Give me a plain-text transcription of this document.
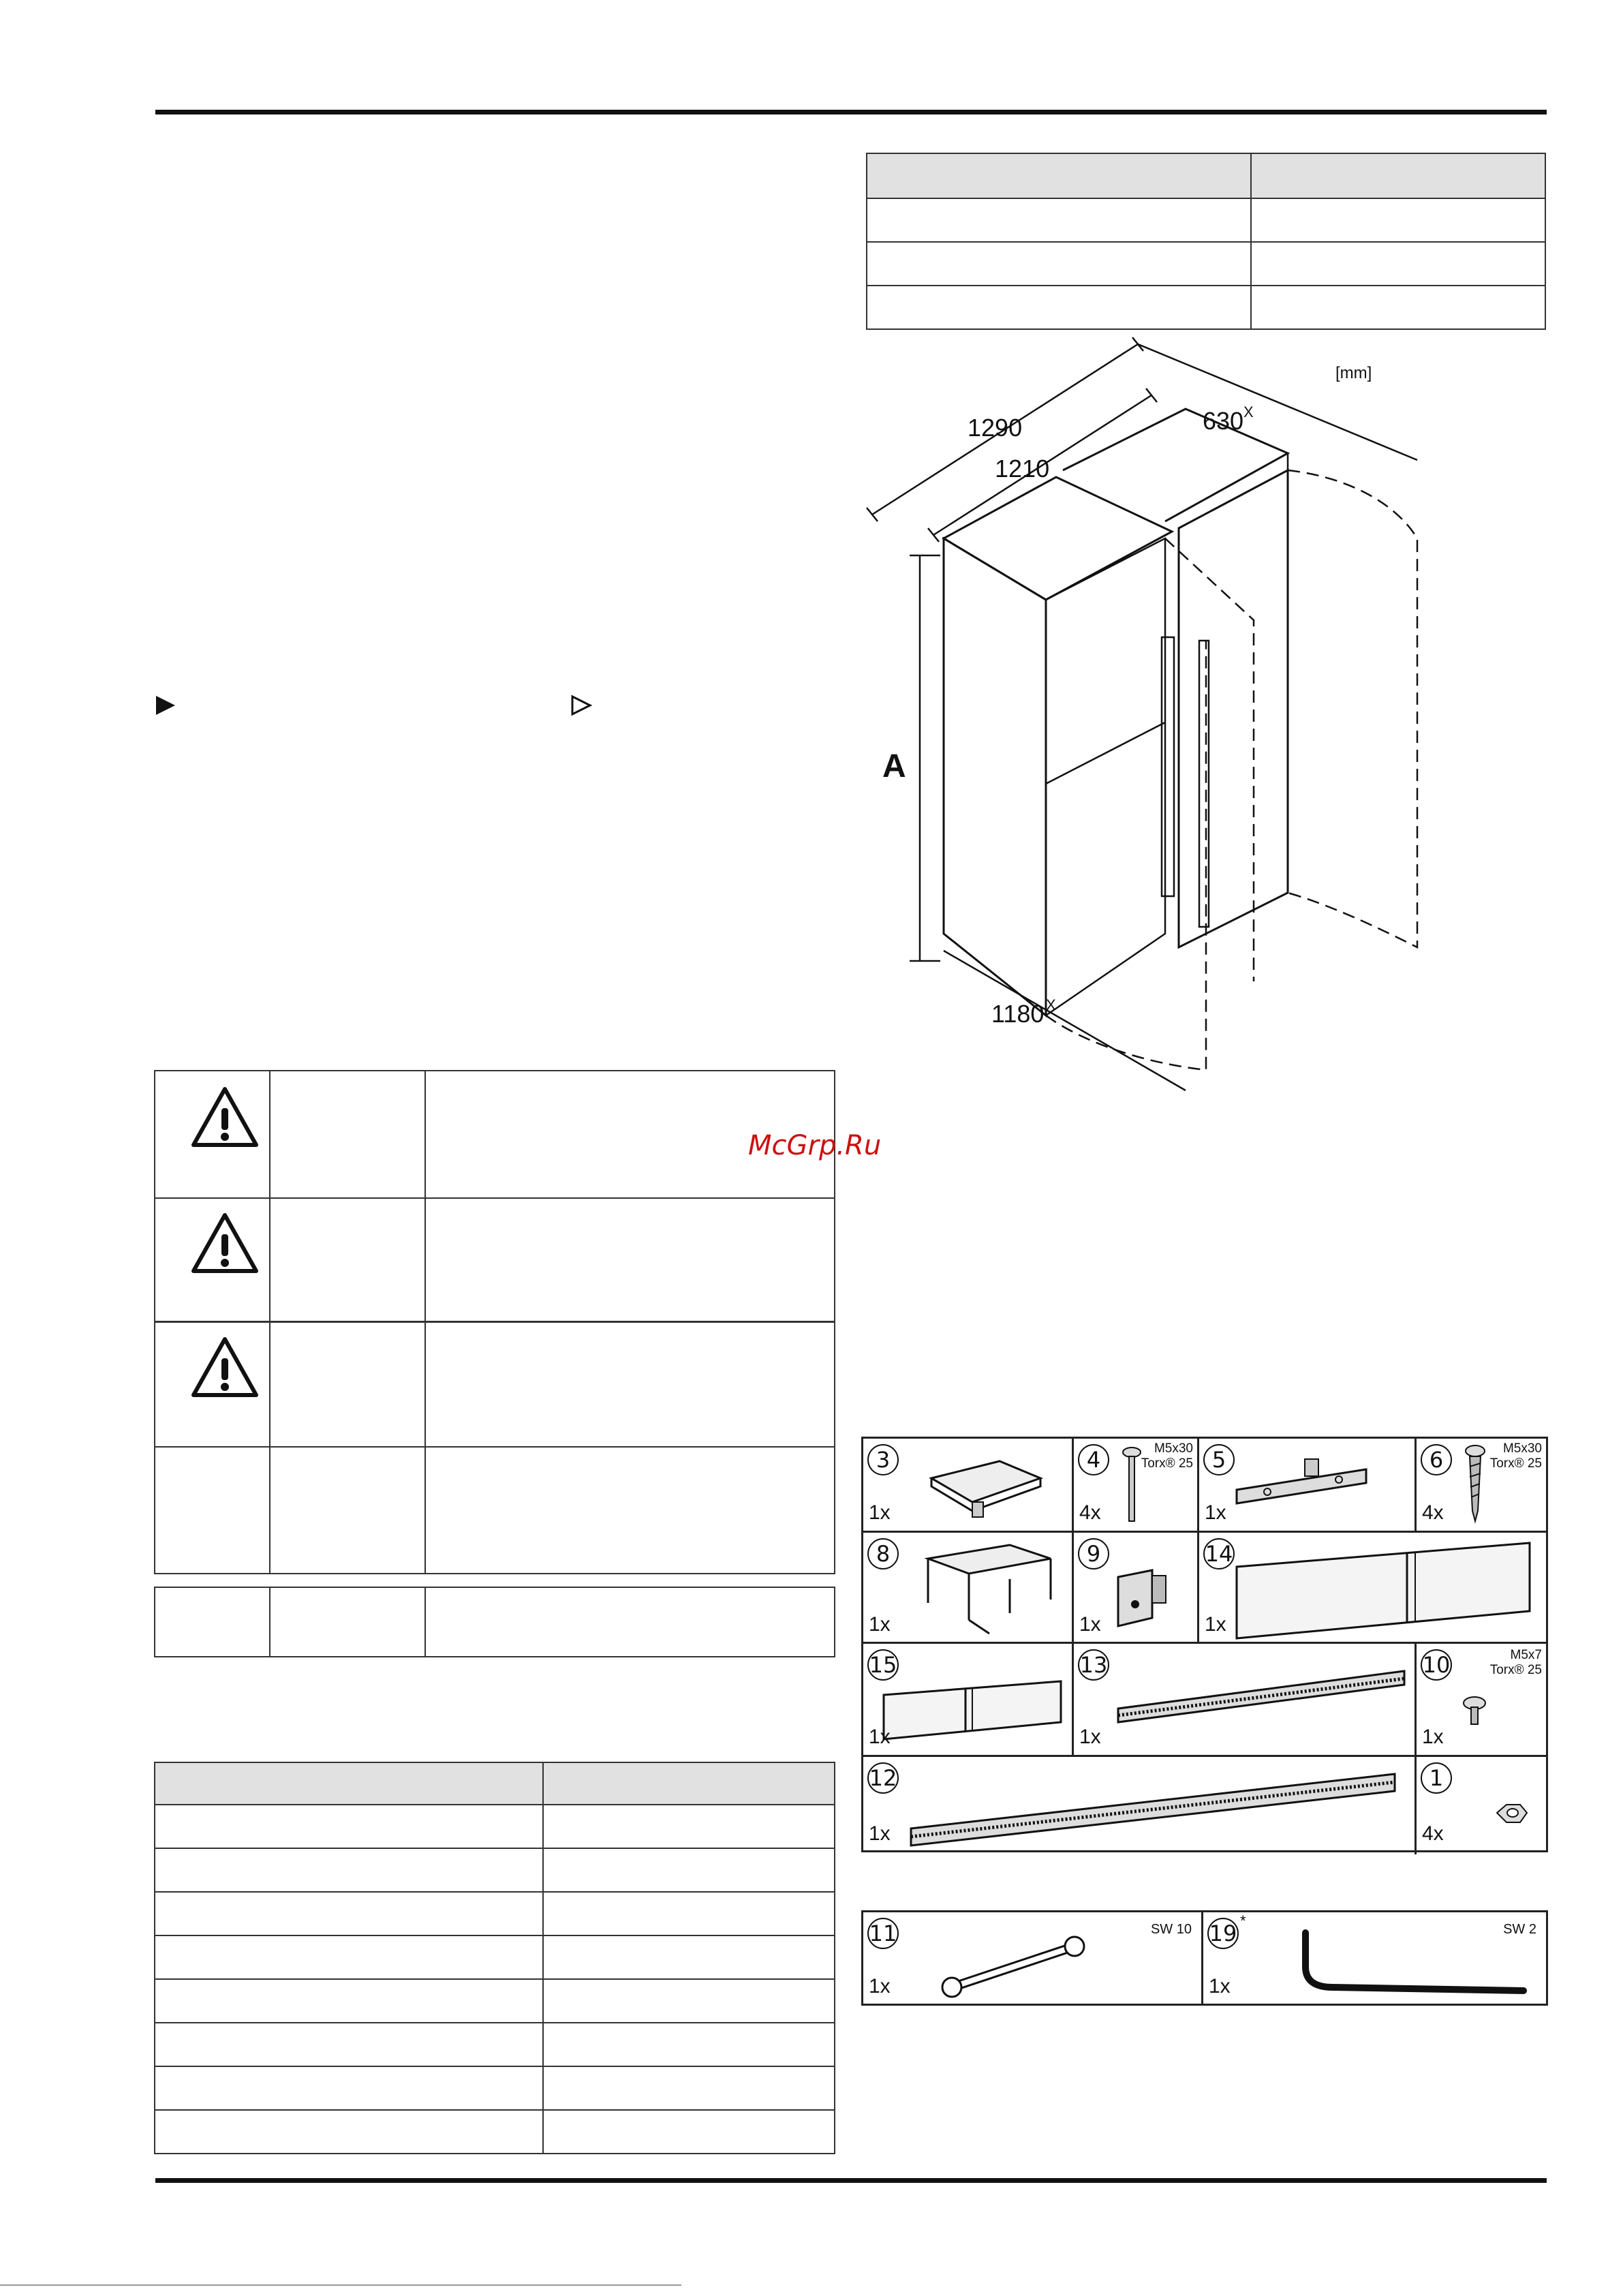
1290
1210
630 X
A
1180 X
[mm]
McGrp.Ru
3
1x
4	M5x30
Torx® 25
4x
5
1x
6	M5x30
Torx® 25
4x
8
1x
9
1x
14
1x
15
1x
13
1x
10	M5x7
Torx® 25
1x
12
1x
1
4x
11	SW 10
1x
19 *	SW 2
1x
